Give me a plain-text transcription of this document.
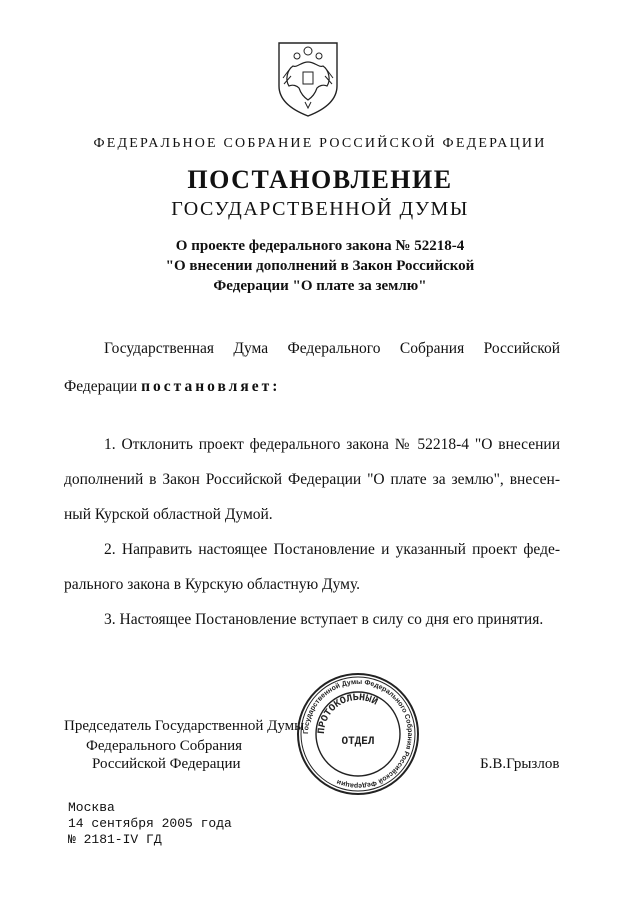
ФЕДЕРАЛЬНОЕ СОБРАНИЕ РОССИЙСКОЙ ФЕДЕРАЦИИ
ПОСТАНОВЛЕНИЕ
ГОСУДАРСТВЕННОЙ ДУМЫ
О проекте федерального закона № 52218-4
"О внесении дополнений в Закон Российской
Федерации "О плате за землю"
Государственная Дума Федерального Собрания Российской
Федерации постановляет:
1. Отклонить проект федерального закона № 52218-4 "О внесении
дополнений в Закон Российской Федерации "О плате за землю", внесен-
ный Курской областной Думой.
2. Направить настоящее Постановление и указанный проект феде-
рального закона в Курскую областную Думу.
3. Настоящее Постановление вступает в силу со дня его принятия.
Председатель Государственной Думы
Федерального Собрания
Российской Федерации	Б.В.Грызлов
Государственной Думы Федерального Собрания Российской Федерации
ПРОТОКОЛЬНЫЙ
ОТДЕЛ
Москва
14 сентября 2005 года
№ 2181-IV ГД
